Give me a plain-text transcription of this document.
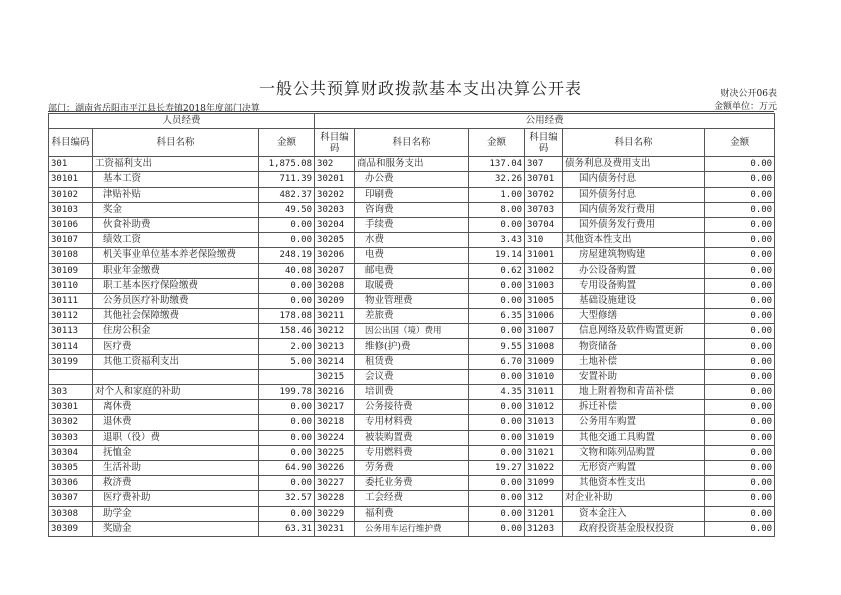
一般公共预算财政拨款基本支出决算公开表	财决公开06表
金额单位：万元
部门：湖南省岳阳市平江县长寿镇2018年度部门决算
人员经费			公用经费					
科目编码	科目名称	金额	科目编码	科目名称	金额	科目编码	科目名称	金额
301	工资福利支出	1,875.08	302	商品和服务支出	137.04	307	债务利息及费用支出	0.00
30101	基本工资	711.39	30201	办公费	32.26	30701	国内债务付息	0.00
30102	津贴补贴	482.37	30202	印刷费	1.00	30702	国外债务付息	0.00
30103	奖金	49.50	30203	咨询费	8.00	30703	国内债务发行费用	0.00
30106	伙食补助费	0.00	30204	手续费	0.00	30704	国外债务发行费用	0.00
30107	绩效工资	0.00	30205	水费	3.43	310	其他资本性支出	0.00
30108	机关事业单位基本养老保险缴费	248.19	30206	电费	19.14	31001	房屋建筑物购建	0.00
30109	职业年金缴费	40.08	30207	邮电费	0.62	31002	办公设备购置	0.00
30110	职工基本医疗保险缴费	0.00	30208	取暖费	0.00	31003	专用设备购置	0.00
30111	公务员医疗补助缴费	0.00	30209	物业管理费	0.00	31005	基础设施建设	0.00
30112	其他社会保障缴费	178.08	30211	差旅费	6.35	31006	大型修缮	0.00
30113	住房公积金	158.46	30212	因公出国（境）费用	0.00	31007	信息网络及软件购置更新	0.00
30114	医疗费	2.00	30213	维修(护)费	9.55	31008	物资储备	0.00
30199	其他工资福利支出	5.00	30214	租赁费	6.70	31009	土地补偿	0.00
			30215	会议费	0.00	31010	安置补助	0.00
303	对个人和家庭的补助	199.78	30216	培训费	4.35	31011	地上附着物和青苗补偿	0.00
30301	离休费	0.00	30217	公务接待费	0.00	31012	拆迁补偿	0.00
30302	退休费	0.00	30218	专用材料费	0.00	31013	公务用车购置	0.00
30303	退职（役）费	0.00	30224	被装购置费	0.00	31019	其他交通工具购置	0.00
30304	抚恤金	0.00	30225	专用燃料费	0.00	31021	文物和陈列品购置	0.00
30305	生活补助	64.90	30226	劳务费	19.27	31022	无形资产购置	0.00
30306	救济费	0.00	30227	委托业务费	0.00	31099	其他资本性支出	0.00
30307	医疗费补助	32.57	30228	工会经费	0.00	312	对企业补助	0.00
30308	助学金	0.00	30229	福利费	0.00	31201	资本金注入	0.00
30309	奖励金	63.31	30231	公务用车运行维护费	0.00	31203	政府投资基金股权投资	0.00
